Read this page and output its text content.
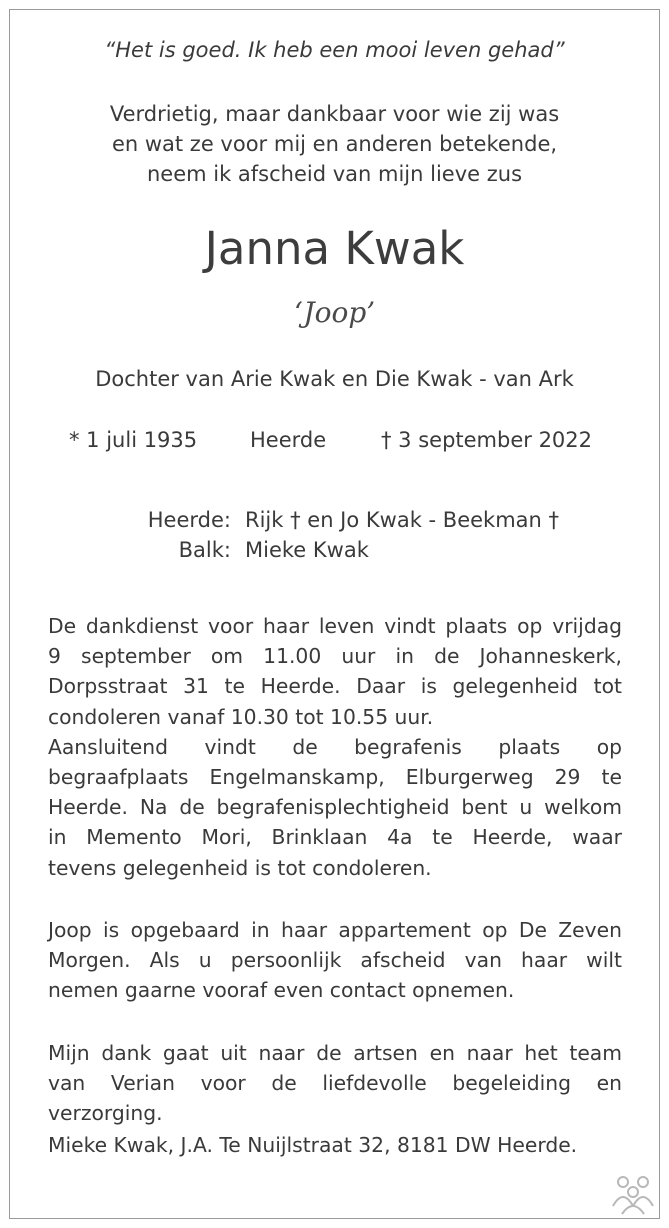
“Het is goed. Ik heb een mooi leven gehad”
Verdrietig, maar dankbaar voor wie zij was
en wat ze voor mij en anderen betekende,
neem ik afscheid van mijn lieve zus
Janna Kwak
‘Joop’
Dochter van Arie Kwak en Die Kwak - van Ark
* 1 juli 1935	Heerde	† 3 september 2022
Heerde: Rijk † en Jo Kwak - Beekman †
Balk: Mieke Kwak
De dankdienst voor haar leven vindt plaats op vrijdag
9 september om 11.00 uur in de Johanneskerk,
Dorpsstraat 31 te Heerde. Daar is gelegenheid tot
condoleren vanaf 10.30 tot 10.55 uur.
Aansluitend vindt de begrafenis plaats op
begraafplaats Engelmanskamp, Elburgerweg 29 te
Heerde. Na de begrafenisplechtigheid bent u welkom
in Memento Mori, Brinklaan 4a te Heerde, waar
tevens gelegenheid is tot condoleren.
Joop is opgebaard in haar appartement op De Zeven
Morgen. Als u persoonlijk afscheid van haar wilt
nemen gaarne vooraf even contact opnemen.
Mijn dank gaat uit naar de artsen en naar het team
van Verian voor de liefdevolle begeleiding en
verzorging.
Mieke Kwak, J.A. Te Nuijlstraat 32, 8181 DW Heerde.
